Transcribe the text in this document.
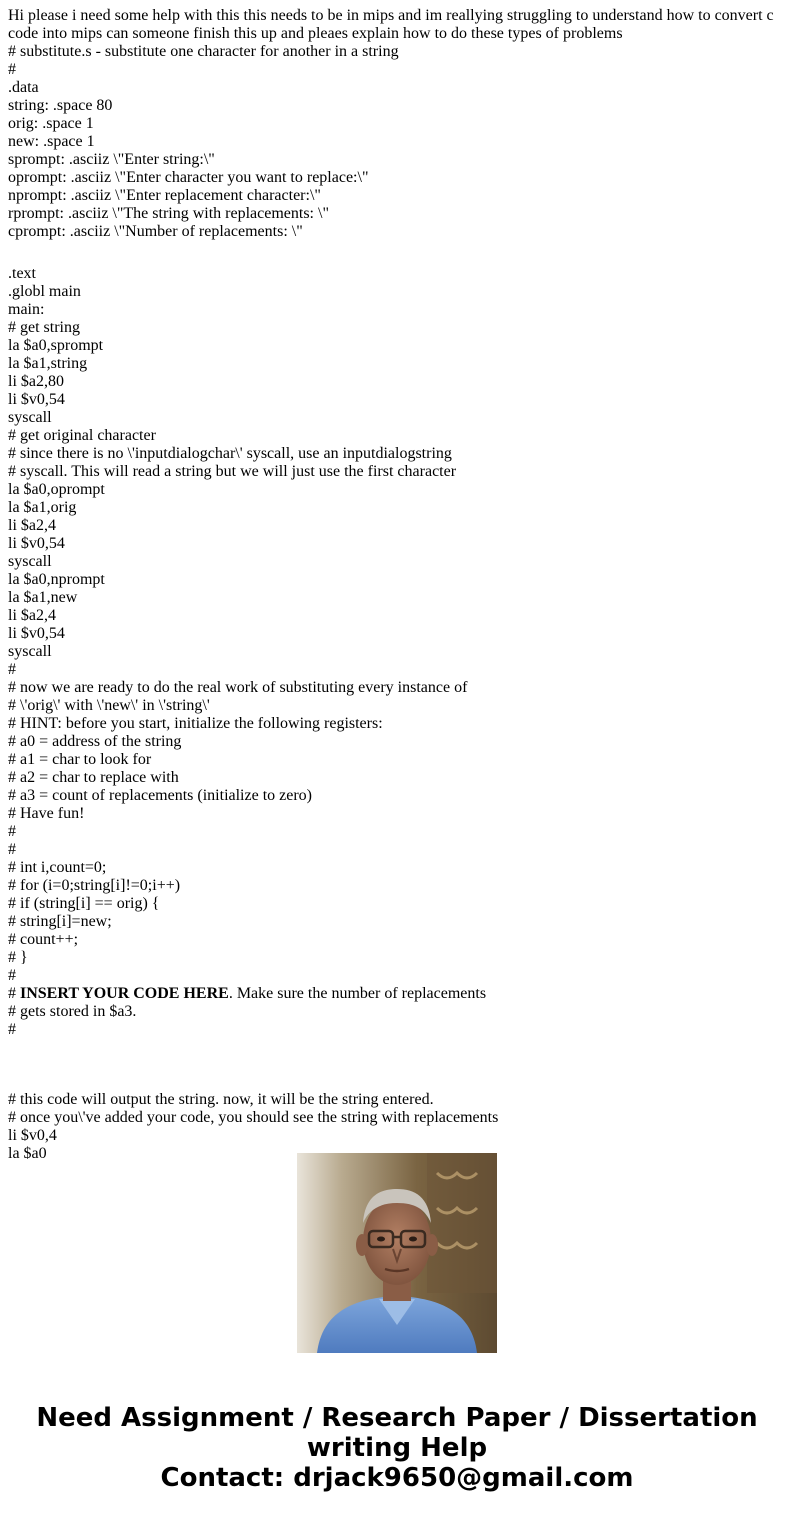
Hi please i need some help with this this needs to be in mips and im reallying struggling to understand how to convert c
code into mips can someone finish this up and pleaes explain how to do these types of problems
# substitute.s - substitute one character for another in a string
#
.data
string: .space 80
orig: .space 1
new: .space 1
sprompt: .asciiz \"Enter string:\"
oprompt: .asciiz \"Enter character you want to replace:\"
nprompt: .asciiz \"Enter replacement character:\"
rprompt: .asciiz \"The string with replacements: \"
cprompt: .asciiz \"Number of replacements: \"
.text
.globl main
main:
# get string
la $a0,sprompt
la $a1,string
li $a2,80
li $v0,54
syscall
# get original character
# since there is no \'inputdialogchar\' syscall, use an inputdialogstring
# syscall. This will read a string but we will just use the first character
la $a0,oprompt
la $a1,orig
li $a2,4
li $v0,54
syscall
la $a0,nprompt
la $a1,new
li $a2,4
li $v0,54
syscall
#
# now we are ready to do the real work of substituting every instance of
# \'orig\' with \'new\' in \'string\'
# HINT: before you start, initialize the following registers:
# a0 = address of the string
# a1 = char to look for
# a2 = char to replace with
# a3 = count of replacements (initialize to zero)
# Have fun!
#
#
# int i,count=0;
# for (i=0;string[i]!=0;i++)
# if (string[i] == orig) {
# string[i]=new;
# count++;
# }
#
# INSERT YOUR CODE HERE. Make sure the number of replacements
# gets stored in $a3.
#
# this code will output the string. now, it will be the string entered.
# once you\'ve added your code, you should see the string with replacements
li $v0,4
la $a0
Need Assignment / Research Paper / Dissertation
writing Help
Contact: drjack9650@gmail.com
